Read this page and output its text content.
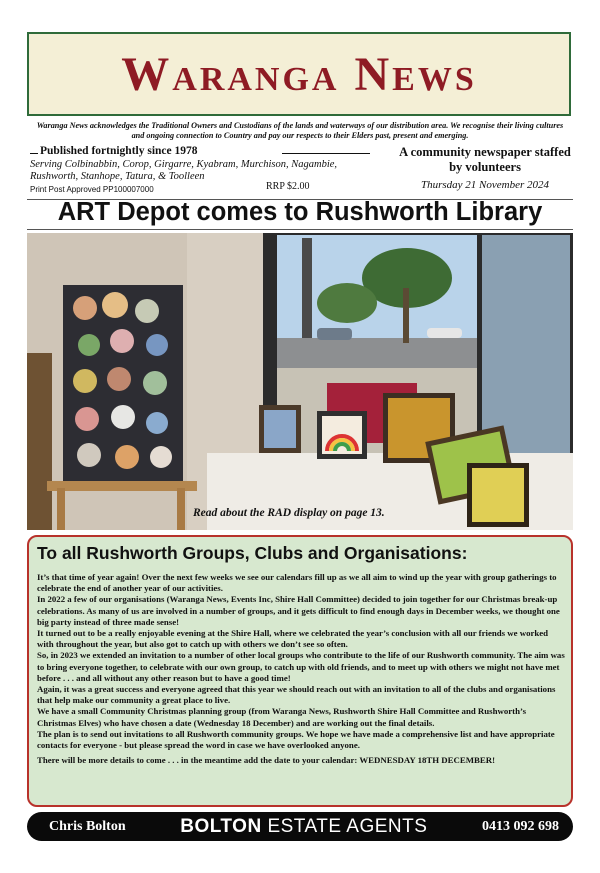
Waranga News
Waranga News acknowledges the Traditional Owners and Custodians of the lands and waterways of our distribution area. We recognise their living cultures and ongoing connection to Country and pay our respects to their Elders past, present and emerging.
Published fortnightly since 1978
Serving Colbinabbin, Corop, Girgarre, Kyabram, Murchison, Nagambie, Rushworth, Stanhope, Tatura, & Toolleen
Print Post Approved PP100007000	RRP $2.00
A community newspaper staffed by volunteers
Thursday 21 November 2024
ART Depot comes to Rushworth Library
Read about the RAD display on page 13.
To all Rushworth Groups, Clubs and Organisations:

It’s that time of year again! Over the next few weeks we see our calendars fill up as we all aim to wind up the year with group gatherings to celebrate the end of another year of our activities.

In 2022 a few of our organisations (Waranga News, Events Inc, Shire Hall Committee) decided to join together for our Christmas break-up celebrations. As many of us are involved in a number of groups, and it gets difficult to find enough days in December weeks, we thought one big party instead of three made sense!

It turned out to be a really enjoyable evening at the Shire Hall, where we celebrated the year’s conclusion with all our friends we worked with throughout the year, but also got to catch up with others we don’t see so often.

So, in 2023 we extended an invitation to a number of other local groups who contribute to the life of our Rushworth community. The aim was to bring everyone together, to celebrate with our own group, to catch up with old friends, and to meet up with others we might not have met before . . . and all without any other reason but to have a good time!

Again, it was a great success and everyone agreed that this year we should reach out with an invitation to all of the clubs and organisations that help make our community a great place to live.

We have a small Community Christmas planning group (from Waranga News, Rushworth Shire Hall Committee and Rushworth’s Christmas Elves) who have chosen a date (Wednesday 18 December) and are working out the final details.

The plan is to send out invitations to all Rushworth community groups. We hope we have made a comprehensive list and have appropriate contacts for everyone - but please spread the word in case we have overlooked anyone.

There will be more details to come . . . in the meantime add the date to your calendar: WEDNESDAY 18TH DECEMBER!

Chris Bolton	BOLTON ESTATE AGENTS	0413 092 698
